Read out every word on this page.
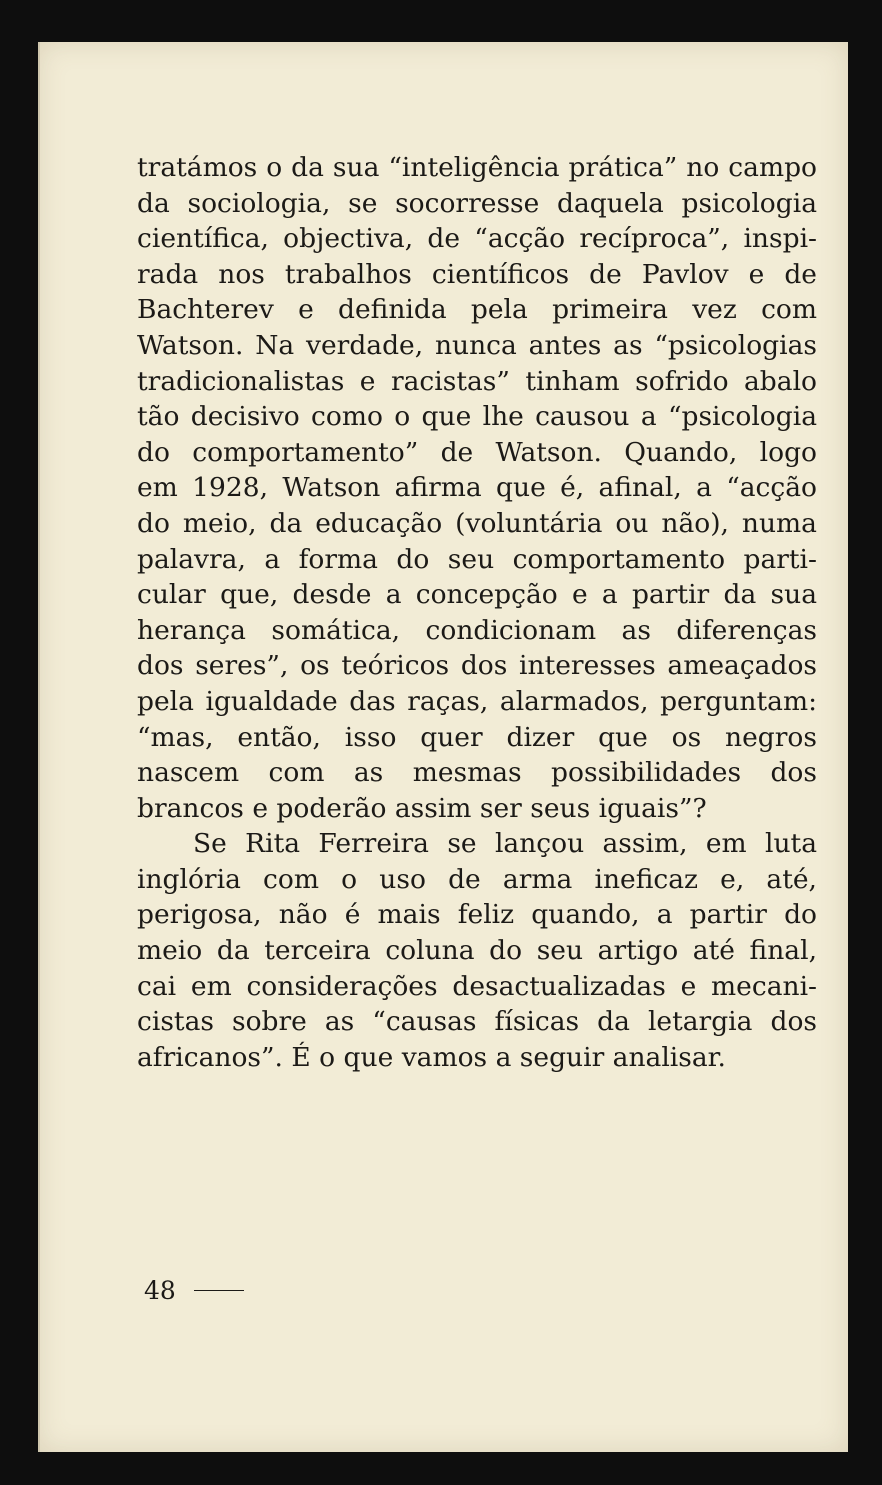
tratámos o da sua “inteligência prática” no campo
da sociologia, se socorresse daquela psicologia
científica, objectiva, de “acção recíproca”, inspi-
rada nos trabalhos científicos de Pavlov e de
Bachterev e definida pela primeira vez com
Watson. Na verdade, nunca antes as “psicologias
tradicionalistas e racistas” tinham sofrido abalo
tão decisivo como o que lhe causou a “psicologia
do comportamento” de Watson. Quando, logo
em 1928, Watson afirma que é, afinal, a “acção
do meio, da educação (voluntária ou não), numa
palavra, a forma do seu comportamento parti-
cular que, desde a concepção e a partir da sua
herança somática, condicionam as diferenças
dos seres”, os teóricos dos interesses ameaçados
pela igualdade das raças, alarmados, perguntam:
“mas, então, isso quer dizer que os negros
nascem com as mesmas possibilidades dos
brancos e poderão assim ser seus iguais”?
Se Rita Ferreira se lançou assim, em luta
inglória com o uso de arma ineficaz e, até,
perigosa, não é mais feliz quando, a partir do
meio da terceira coluna do seu artigo até final,
cai em considerações desactualizadas e mecani-
cistas sobre as “causas físicas da letargia dos
africanos”. É o que vamos a seguir analisar.
48
